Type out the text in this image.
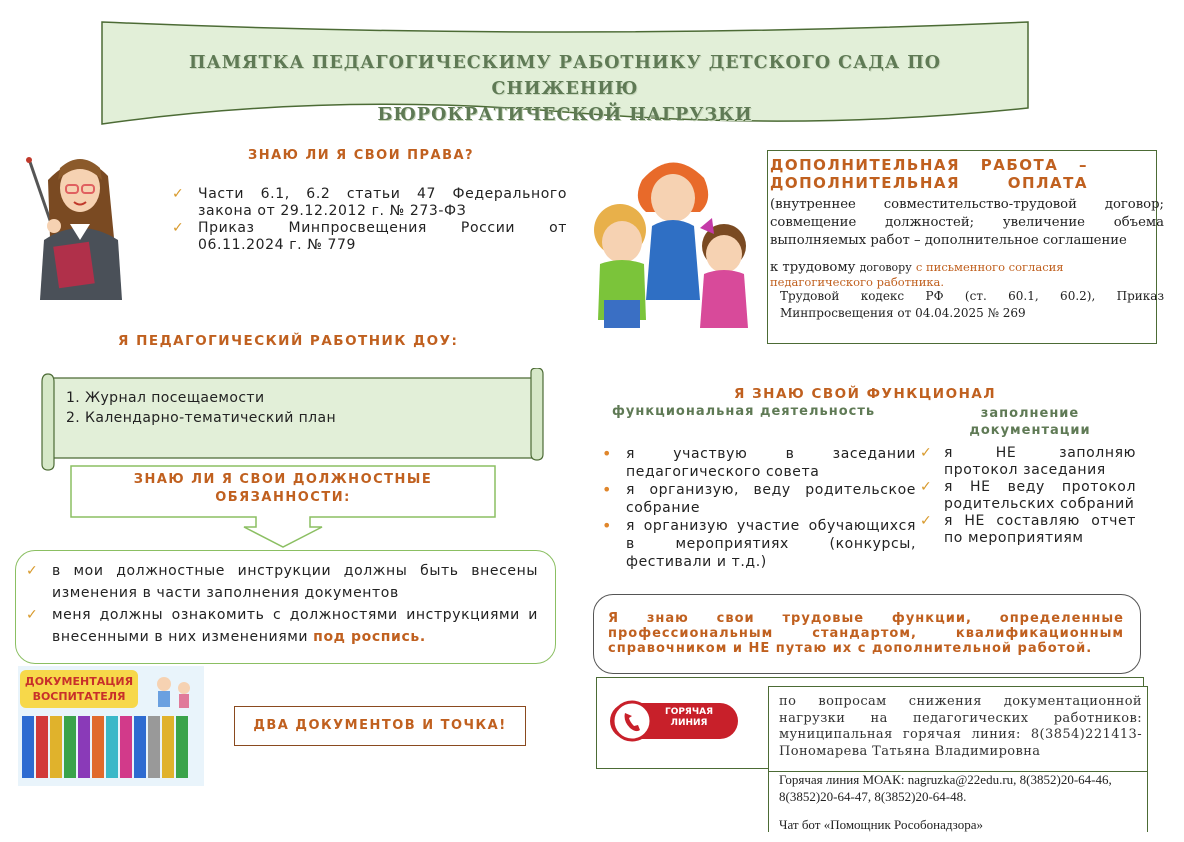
ПАМЯТКА ПЕДАГОГИЧЕСКИМУ РАБОТНИКУ ДЕТСКОГО САДА ПО СНИЖЕНИЮ
БЮРОКРАТИЧЕСКОЙ НАГРУЗКИ
ЗНАЮ ЛИ Я СВОИ ПРАВА?
✓ Части 6.1, 6.2 статьи 47 Федерального закона от 29.12.2012 г. № 273-ФЗ
✓ Приказ Минпросвещения России от 06.11.2024 г. № 779
Я ПЕДАГОГИЧЕСКИЙ РАБОТНИК ДОУ:
1. Журнал посещаемости
2. Календарно-тематический план
ЗНАЮ ЛИ Я СВОИ ДОЛЖНОСТНЫЕ
ОБЯЗАННОСТИ:
✓ в мои должностные инструкции должны быть внесены изменения в части заполнения документов
✓ меня должны ознакомить с должностями инструкциями и внесенными в них изменениями под роспись.
ДОКУМЕНТАЦИЯ
ВОСПИТАТЕЛЯ
ДВА ДОКУМЕНТОВ И ТОЧКА!
ДОПОЛНИТЕЛЬНАЯ РАБОТА – ДОПОЛНИТЕЛЬНАЯ ОПЛАТА
(внутреннее совместительство-трудовой договор; совмещение должностей; увеличение объема выполняемых работ – дополнительное соглашение
к трудовому договору с письменного согласия педагогического работника.
Трудовой кодекс РФ (ст. 60.1, 60.2), Приказ Минпросвещения от 04.04.2025 № 269
Я ЗНАЮ СВОЙ ФУНКЦИОНАЛ
функциональная деятельность	заполнение документации
• я участвую в заседании педагогического совета
• я организую, веду родительское собрание
• я организую участие обучающихся в мероприятиях (конкурсы, фестивали и т.д.)
✓ я НЕ заполняю протокол заседания
✓ я НЕ веду протокол родительских собраний
✓ я НЕ составляю отчет по мероприятиям
Я знаю свои трудовые функции, определенные профессиональным стандартом, квалификационным справочником и НЕ путаю их с дополнительной работой.
ГОРЯЧАЯ
ЛИНИЯ
по вопросам снижения документационной нагрузки на педагогических работников: муниципальная горячая линия: 8(3854)221413- Пономарева Татьяна Владимировна
Горячая линия МОАК: nagruzka@22edu.ru, 8(3852)20-64-46, 8(3852)20-64-47, 8(3852)20-64-48.
Чат бот «Помощник Рособонадзора»
